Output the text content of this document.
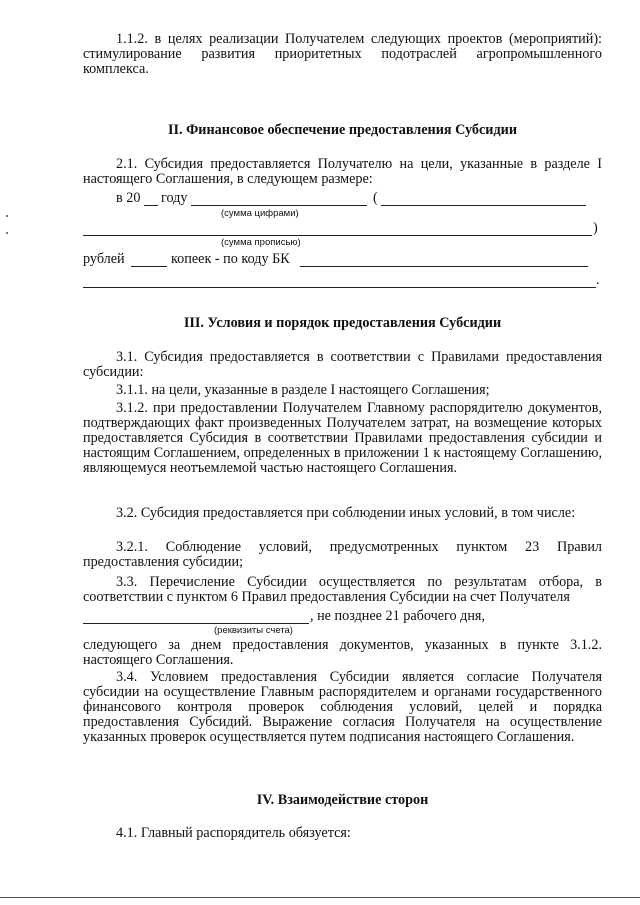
1.1.2. в целях реализации Получателем следующих проектов (мероприятий): стимулирование развития приоритетных подотраслей агропромышленного комплекса.

II. Финансовое обеспечение предоставления Субсидии

2.1. Субсидия предоставляется Получателю на цели, указанные в разделе I настоящего Соглашения, в следующем размере:

в 20 году	(
(сумма цифрами)
)
(сумма прописью)
рублей	копеек - по коду БК
.
III. Условия и порядок предоставления Субсидии

3.1. Субсидия предоставляется в соответствии с Правилами предоставления субсидии:

3.1.1. на цели, указанные в разделе I настоящего Соглашения;

3.1.2. при предоставлении Получателем Главному распорядителю документов, подтверждающих факт произведенных Получателем затрат, на возмещение которых предоставляется Субсидия в соответствии Правилами предоставления субсидии и настоящим Соглашением, определенных в приложении 1 к настоящему Соглашению, являющемуся неотъемлемой частью настоящего Соглашения.

3.2. Субсидия предоставляется при соблюдении иных условий, в том числе:

3.2.1. Соблюдение условий, предусмотренных пунктом 23 Правил предоставления субсидии;

3.3. Перечисление Субсидии осуществляется по результатам отбора, в соответствии с пунктом 6 Правил предоставления Субсидии на счет Получателя

, не позднее 21 рабочего дня,
(реквизиты счета)

следующего за днем предоставления документов, указанных в пункте 3.1.2. настоящего Соглашения.

3.4. Условием предоставления Субсидии является согласие Получателя субсидии на осуществление Главным распорядителем и органами государственного финансового контроля проверок соблюдения условий, целей и порядка предоставления Субсидий. Выражение согласия Получателя на осуществление указанных проверок осуществляется путем подписания настоящего Соглашения.

IV. Взаимодействие сторон

4.1. Главный распорядитель обязуется:
